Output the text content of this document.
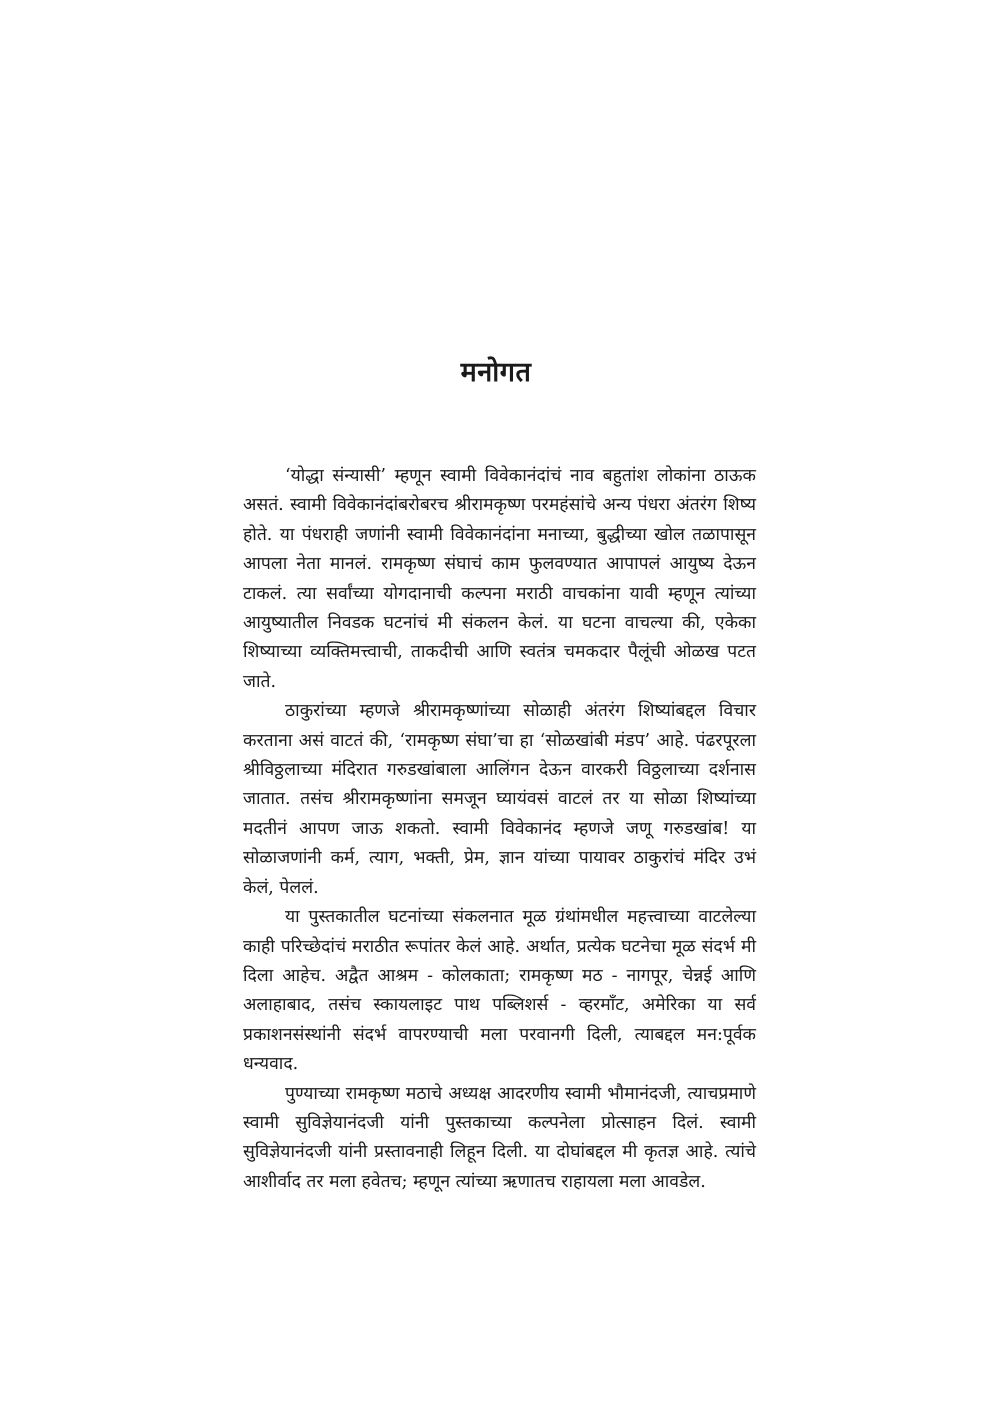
मनोगत

‘योद्धा संन्यासी’ म्हणून स्वामी विवेकानंदांचं नाव बहुतांश लोकांना ठाऊक असतं. स्वामी विवेकानंदांबरोबरच श्रीरामकृष्ण परमहंसांचे अन्य पंधरा अंतरंग शिष्य होते. या पंधराही जणांनी स्वामी विवेकानंदांना मनाच्या, बुद्धीच्या खोल तळापासून आपला नेता मानलं. रामकृष्ण संघाचं काम फुलवण्यात आपापलं आयुष्य देऊन टाकलं. त्या सर्वांच्या योगदानाची कल्पना मराठी वाचकांना यावी म्हणून त्यांच्या आयुष्यातील निवडक घटनांचं मी संकलन केलं. या घटना वाचल्या की, एकेका शिष्याच्या व्यक्तिमत्त्वाची, ताकदीची आणि स्वतंत्र चमकदार पैलूंची ओळख पटत जाते.

ठाकुरांच्या म्हणजे श्रीरामकृष्णांच्या सोळाही अंतरंग शिष्यांबद्दल विचार करताना असं वाटतं की, ‘रामकृष्ण संघा’चा हा ‘सोळखांबी मंडप’ आहे. पंढरपूरला श्रीविठ्ठलाच्या मंदिरात गरुडखांबाला आलिंगन देऊन वारकरी विठ्ठलाच्या दर्शनास जातात. तसंच श्रीरामकृष्णांना समजून घ्यायंवसं वाटलं तर या सोळा शिष्यांच्या मदतीनं आपण जाऊ शकतो. स्वामी विवेकानंद म्हणजे जणू गरुडखांब! या सोळाजणांनी कर्म, त्याग, भक्ती, प्रेम, ज्ञान यांच्या पायावर ठाकुरांचं मंदिर उभं केलं, पेललं.

या पुस्तकातील घटनांच्या संकलनात मूळ ग्रंथांमधील महत्त्वाच्या वाटलेल्या काही परिच्छेदांचं मराठीत रूपांतर केलं आहे. अर्थात, प्रत्येक घटनेचा मूळ संदर्भ मी दिला आहेच. अद्वैत आश्रम - कोलकाता; रामकृष्ण मठ - नागपूर, चेन्नई आणि अलाहाबाद, तसंच स्कायलाइट पाथ पब्लिशर्स - व्हरमाँट, अमेरिका या सर्व प्रकाशनसंस्थांनी संदर्भ वापरण्याची मला परवानगी दिली, त्याबद्दल मन:पूर्वक धन्यवाद.

पुण्याच्या रामकृष्ण मठाचे अध्यक्ष आदरणीय स्वामी भौमानंदजी, त्याचप्रमाणे स्वामी सुविज्ञेयानंदजी यांनी पुस्तकाच्या कल्पनेला प्रोत्साहन दिलं. स्वामी सुविज्ञेयानंदजी यांनी प्रस्तावनाही लिहून दिली. या दोघांबद्दल मी कृतज्ञ आहे. त्यांचे आशीर्वाद तर मला हवेतच; म्हणून त्यांच्या ऋणातच राहायला मला आवडेल.
